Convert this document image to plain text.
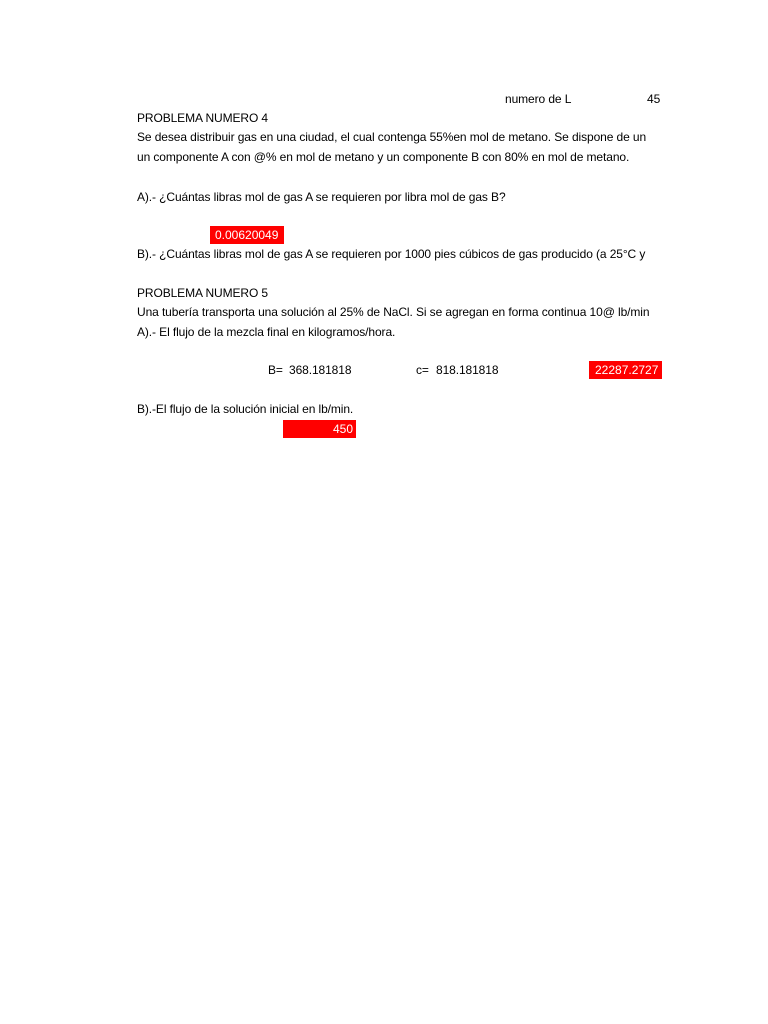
numero de L	45
PROBLEMA NUMERO 4
Se desea distribuir gas en una ciudad, el cual contenga 55%en mol de metano. Se dispone de un
un componente A con @% en mol de metano y un componente B con 80% en mol de metano.
A).- ¿Cuántas libras mol de gas A se requieren por libra mol de gas B?
0.00620049
B).- ¿Cuántas libras mol de gas A se requieren por 1000 pies cúbicos de gas producido (a 25°C y
PROBLEMA NUMERO 5
Una tubería transporta una solución al 25% de NaCl. Si se agregan en forma continua 10@ lb/min
A).- El flujo de la mezcla final en kilogramos/hora.
B= 368.181818	c= 818.181818	22287.2727
B).-El flujo de la solución inicial en lb/min.
450
